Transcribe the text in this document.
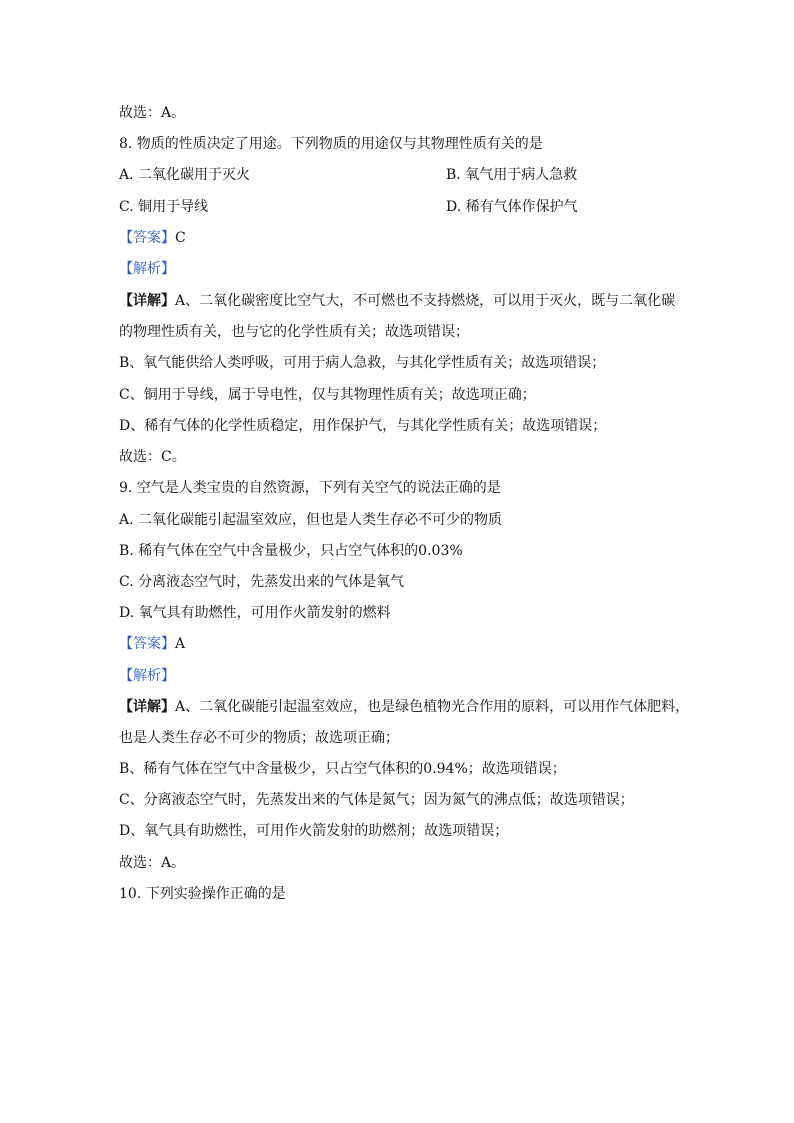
故选：A。
8. 物质的性质决定了用途。下列物质的用途仅与其物理性质有关的是
A. 二氧化碳用于灭火	B. 氧气用于病人急救
C. 铜用于导线	D. 稀有气体作保护气
【答案】C
【解析】
【详解】A、二氧化碳密度比空气大，不可燃也不支持燃烧，可以用于灭火，既与二氧化碳
的物理性质有关，也与它的化学性质有关；故选项错误；
B、氧气能供给人类呼吸，可用于病人急救，与其化学性质有关；故选项错误；
C、铜用于导线，属于导电性，仅与其物理性质有关；故选项正确；
D、稀有气体的化学性质稳定，用作保护气，与其化学性质有关；故选项错误；
故选：C。
9. 空气是人类宝贵的自然资源，下列有关空气的说法正确的是
A. 二氧化碳能引起温室效应，但也是人类生存必不可少的物质
B. 稀有气体在空气中含量极少，只占空气体积的0.03%
C. 分离液态空气时，先蒸发出来的气体是氧气
D. 氧气具有助燃性，可用作火箭发射的燃料
【答案】A
【解析】
【详解】A、二氧化碳能引起温室效应，也是绿色植物光合作用的原料，可以用作气体肥料，
也是人类生存必不可少的物质；故选项正确；
B、稀有气体在空气中含量极少，只占空气体积的0.94%；故选项错误；
C、分离液态空气时，先蒸发出来的气体是氮气；因为氮气的沸点低；故选项错误；
D、氧气具有助燃性，可用作火箭发射的助燃剂；故选项错误；
故选：A。
10. 下列实验操作正确的是
